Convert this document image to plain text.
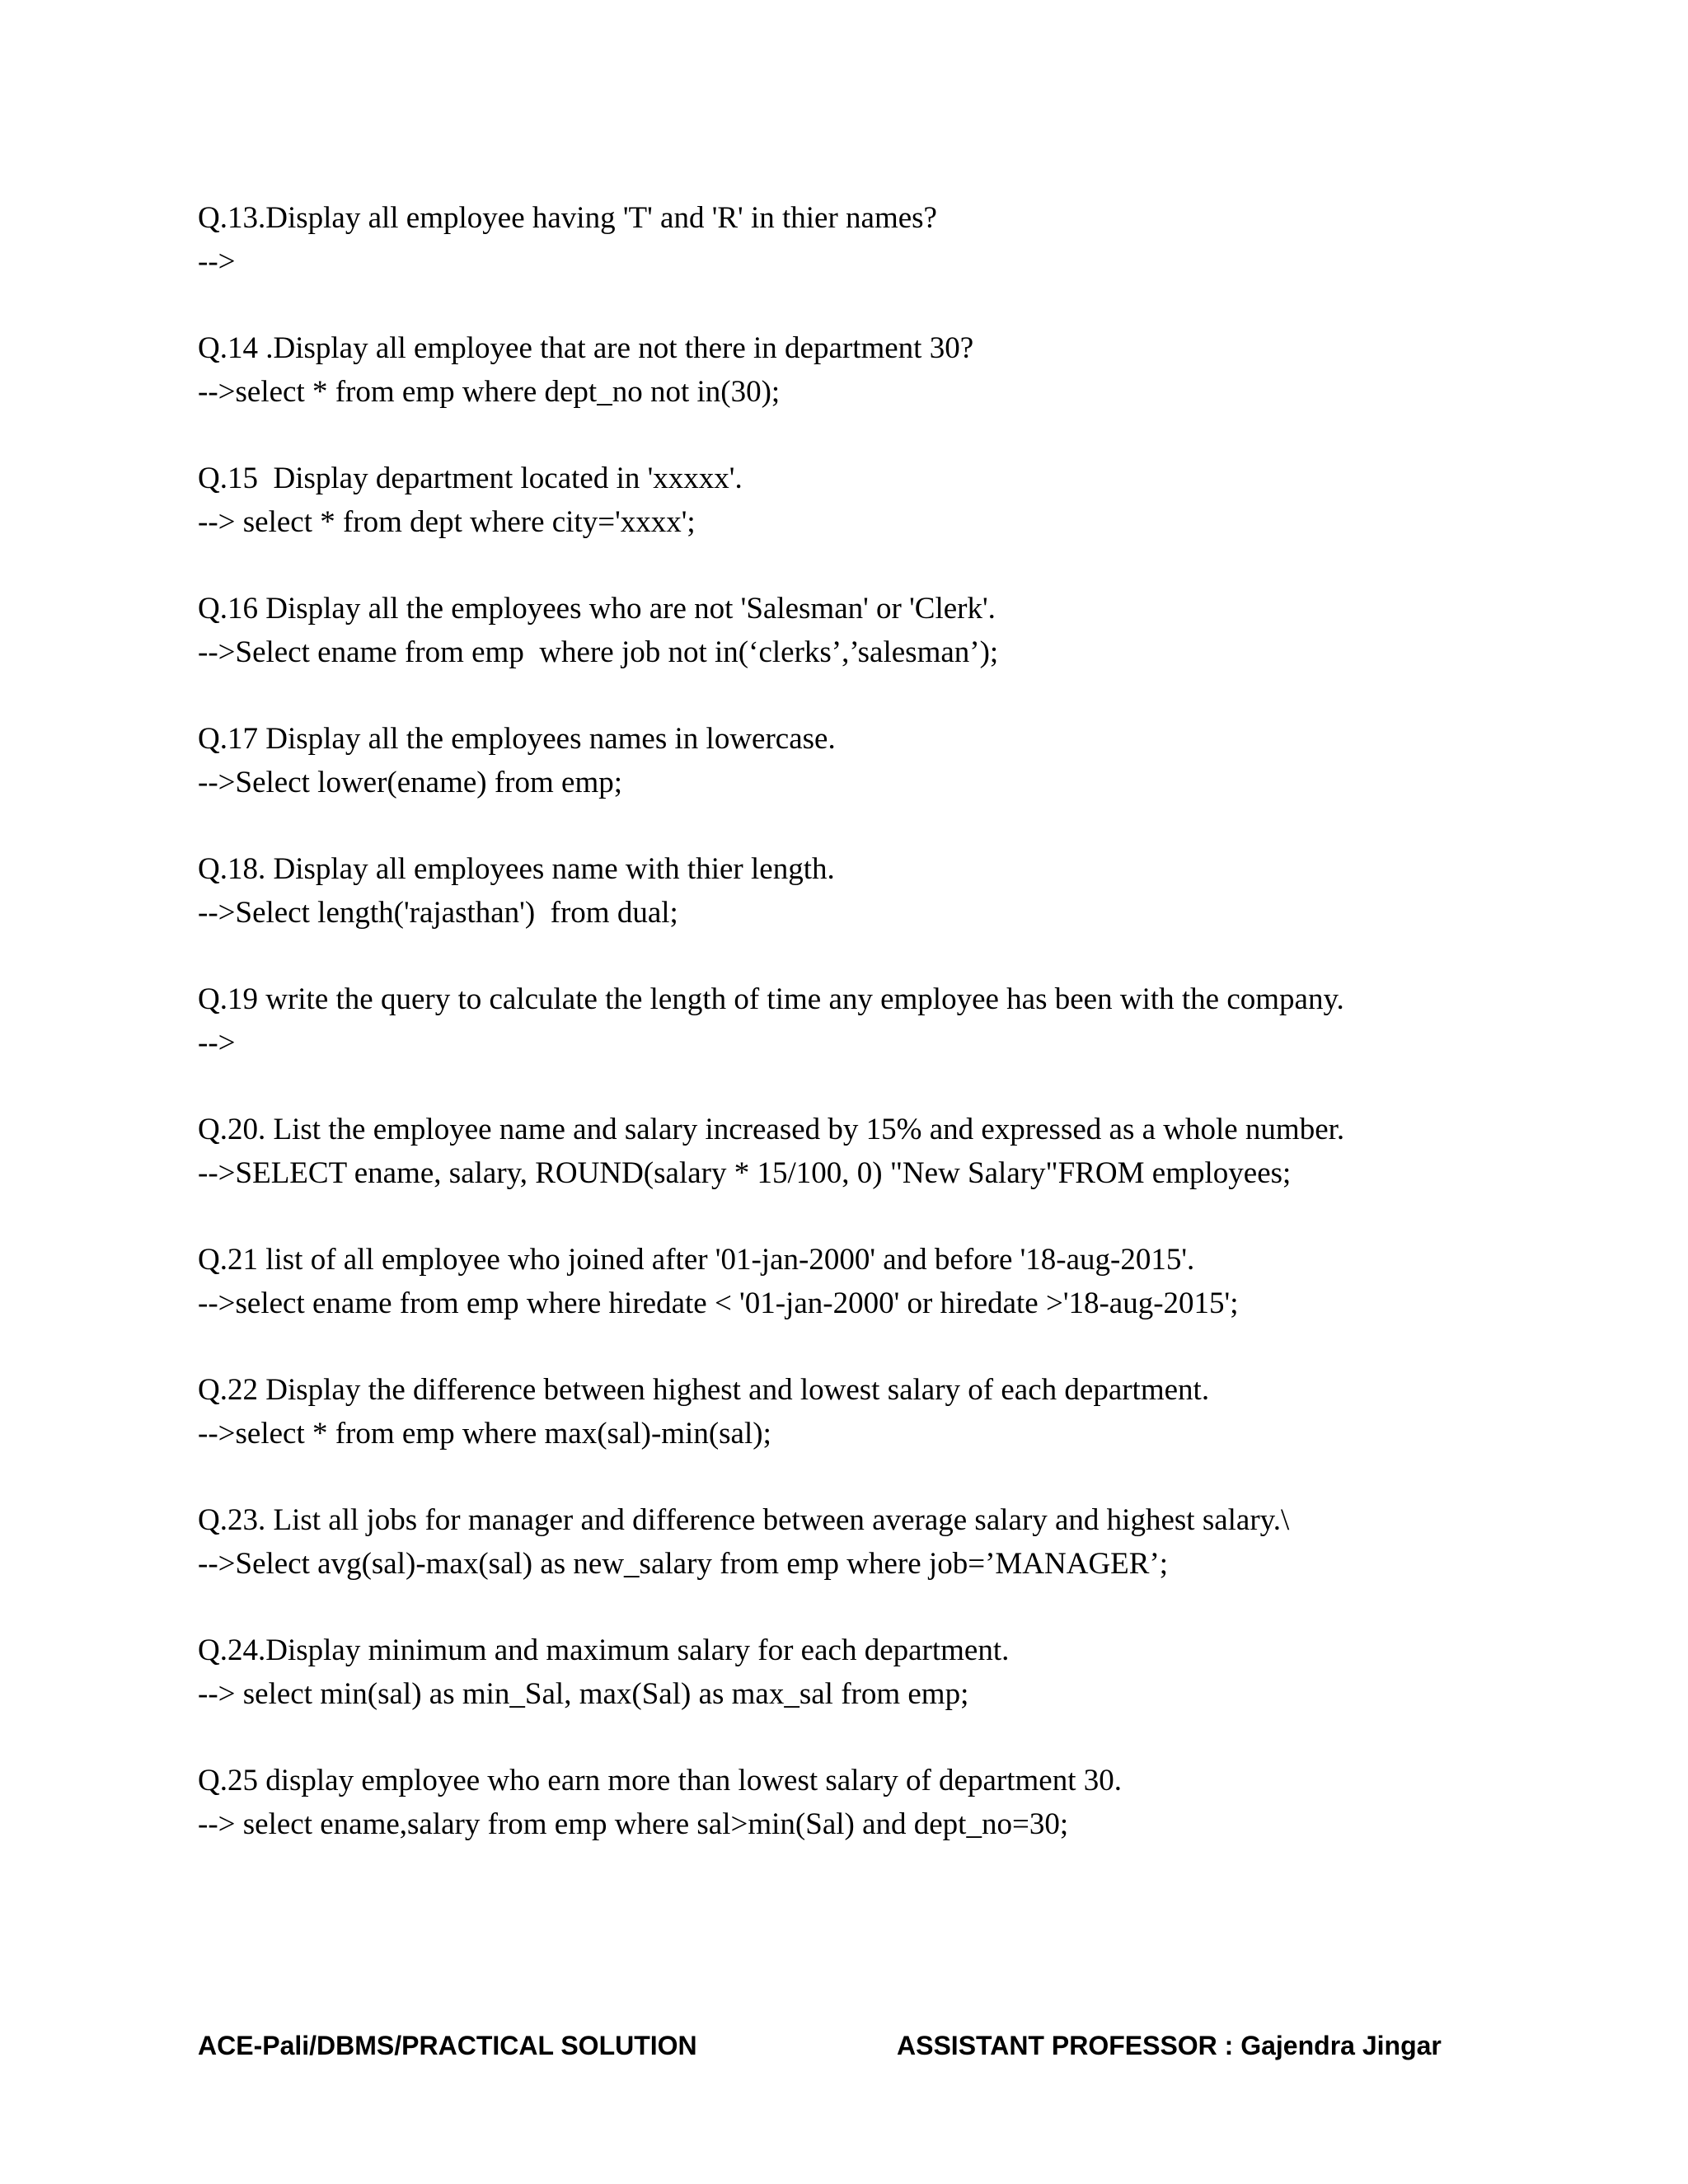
Q.13.Display all employee having 'T' and 'R' in thier names?
-->
Q.14 .Display all employee that are not there in department 30?
-->select * from emp where dept_no not in(30);
Q.15  Display department located in 'xxxxx'.
--> select * from dept where city='xxxx';
Q.16 Display all the employees who are not 'Salesman' or 'Clerk'.
-->Select ename from emp  where job not in(‘clerks’,’salesman’);
Q.17 Display all the employees names in lowercase.
-->Select lower(ename) from emp;
Q.18. Display all employees name with thier length.
-->Select length('rajasthan')  from dual;
Q.19 write the query to calculate the length of time any employee has been with the company.
-->
Q.20. List the employee name and salary increased by 15% and expressed as a whole number.
-->SELECT ename, salary, ROUND(salary * 15/100, 0) "New Salary"FROM employees;
Q.21 list of all employee who joined after '01-jan-2000' and before '18-aug-2015'.
-->select ename from emp where hiredate < '01-jan-2000' or hiredate >'18-aug-2015';
Q.22 Display the difference between highest and lowest salary of each department.
-->select * from emp where max(sal)-min(sal);
Q.23. List all jobs for manager and difference between average salary and highest salary.\
-->Select avg(sal)-max(sal) as new_salary from emp where job=’MANAGER’;
Q.24.Display minimum and maximum salary for each department.
--> select min(sal) as min_Sal, max(Sal) as max_sal from emp;
Q.25 display employee who earn more than lowest salary of department 30.
--> select ename,salary from emp where sal>min(Sal) and dept_no=30;
ACE-Pali/DBMS/PRACTICAL SOLUTION	ASSISTANT PROFESSOR : Gajendra Jingar
